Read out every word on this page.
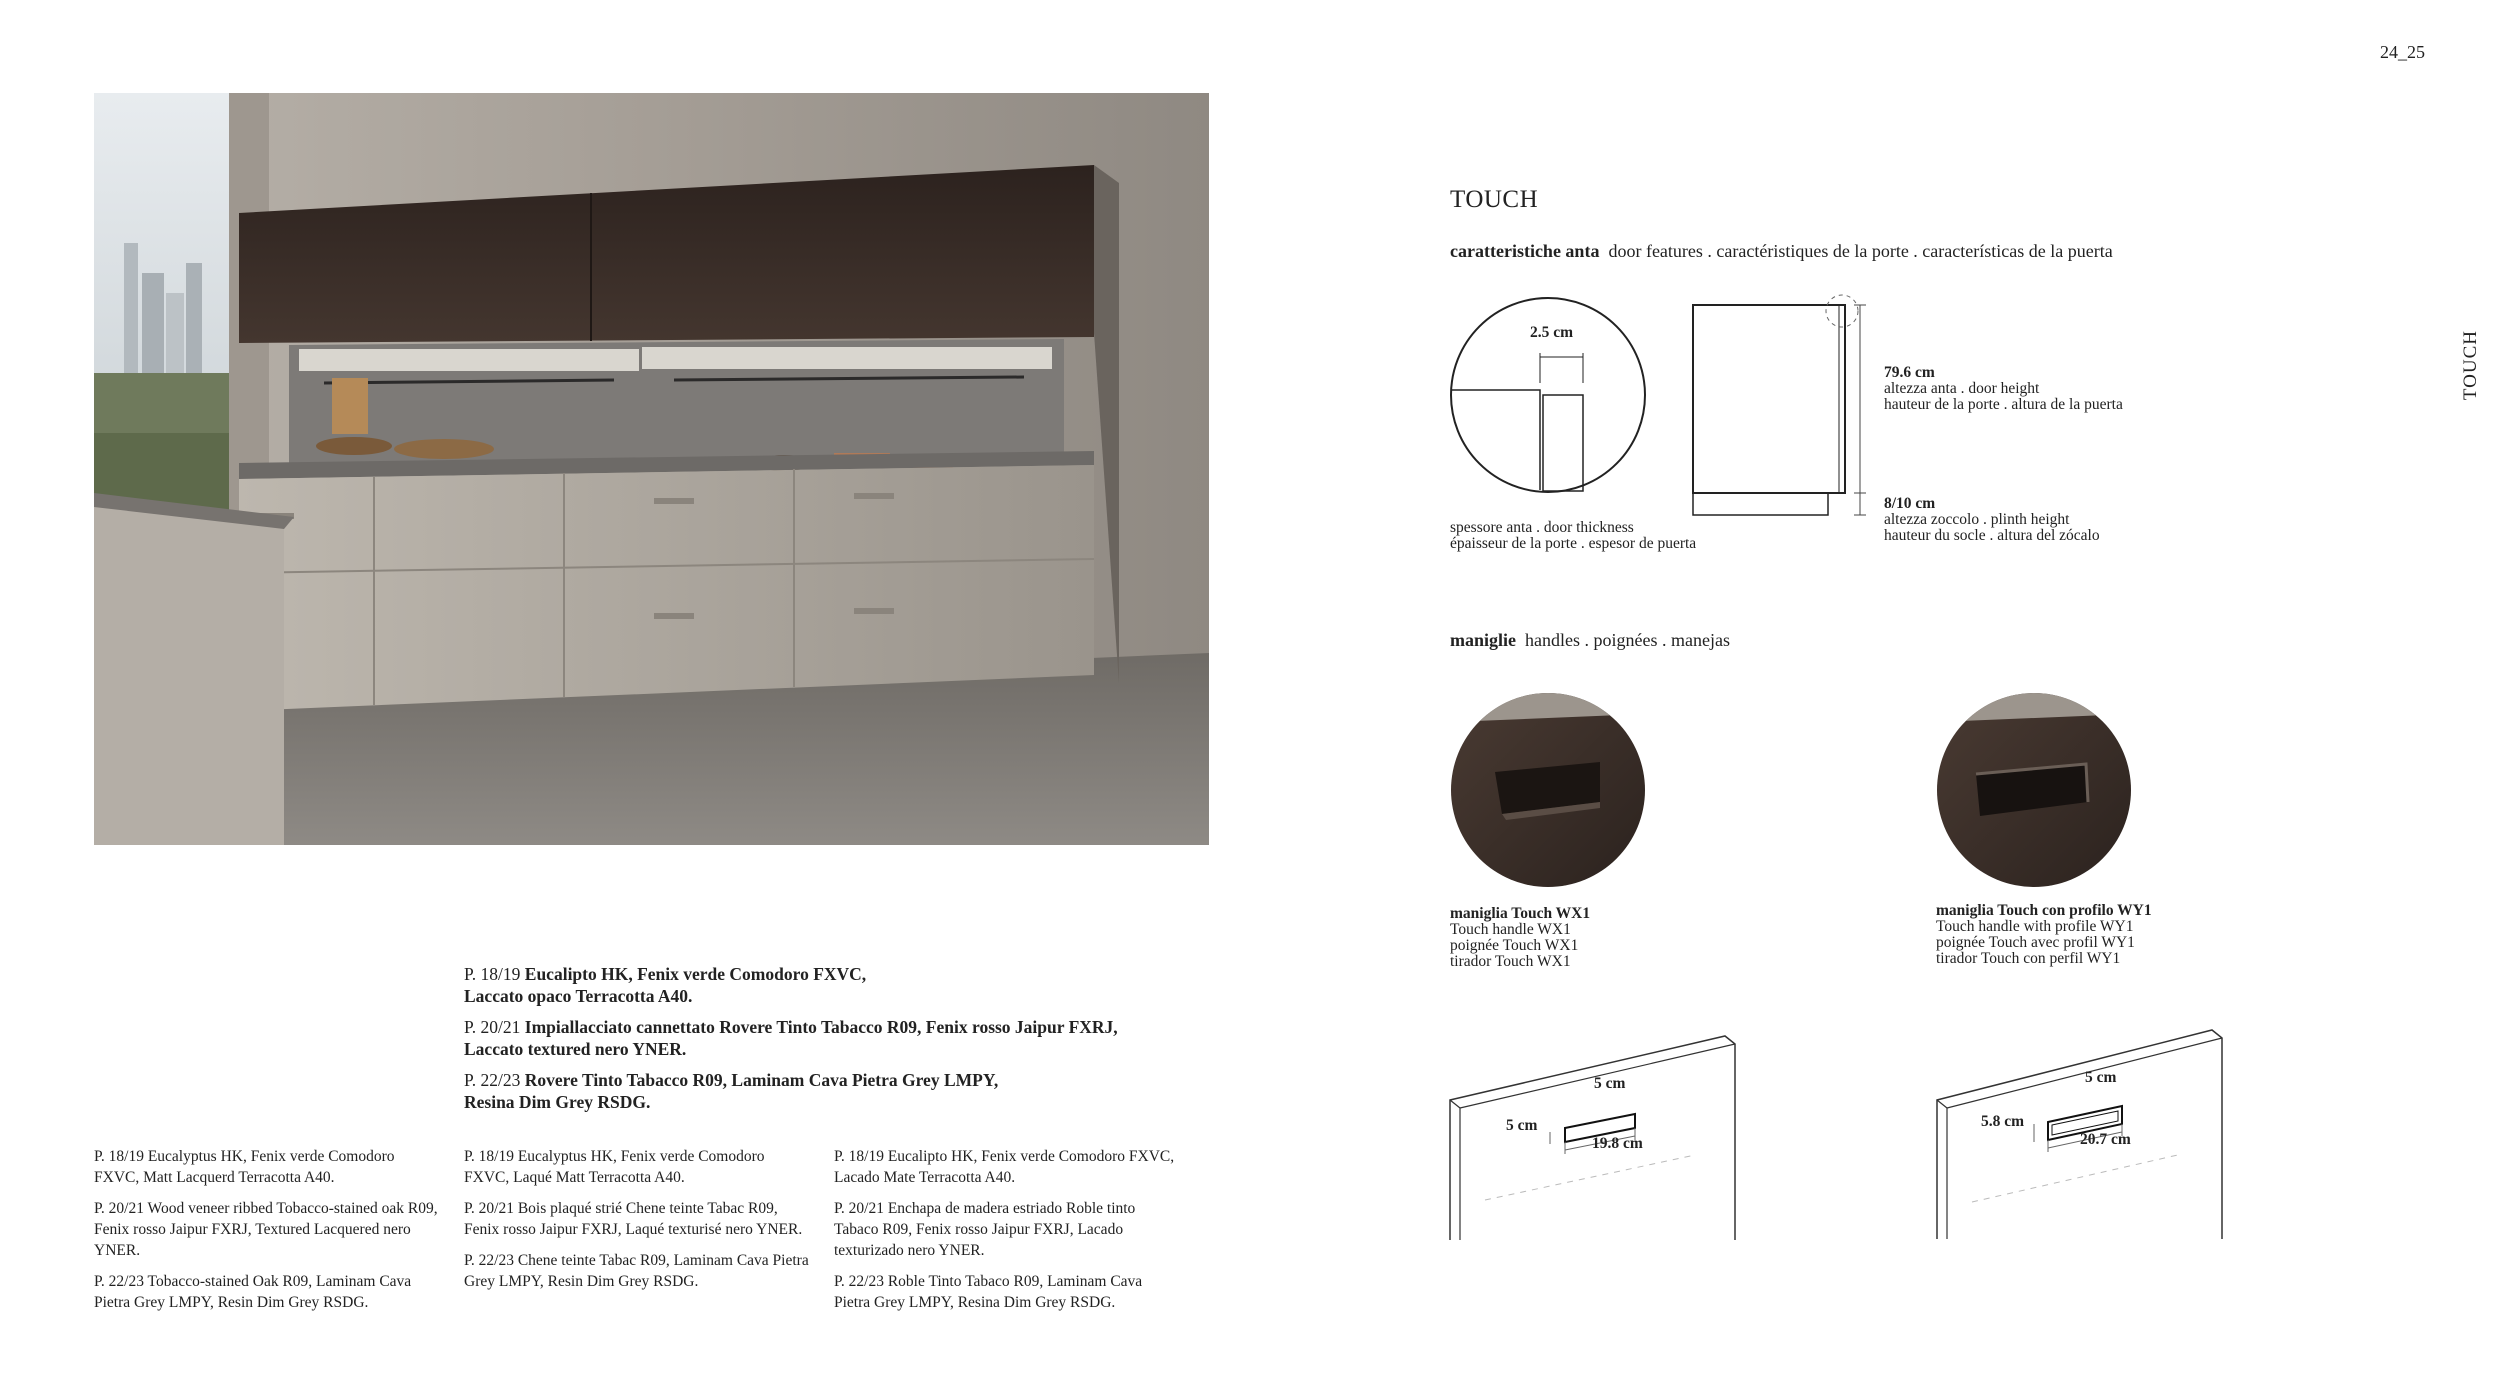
24_25
TOUCH
TOUCH
caratteristiche anta door features . caractéristiques de la porte . características de la puerta
2.5 cm
spessore anta . door thickness
épaisseur de la porte . espesor de puerta
79.6 cm
altezza anta . door height
hauteur de la porte . altura de la puerta
8/10 cm
altezza zoccolo . plinth height
hauteur du socle . altura del zócalo
maniglie handles . poignées . manejas
maniglia Touch WX1
Touch handle WX1
poignée Touch WX1
tirador Touch WX1
maniglia Touch con profilo WY1
Touch handle with profile WY1
poignée Touch avec profil WY1
tirador Touch con perfil WY1
5 cm
5 cm
19.8 cm
5 cm
5.8 cm
20.7 cm

P. 18/19 Eucalipto HK, Fenix verde Comodoro FXVC,
Laccato opaco Terracotta A40.

P. 20/21 Impiallacciato cannettato Rovere Tinto Tabacco R09, Fenix rosso Jaipur FXRJ,
Laccato textured nero YNER.

P. 22/23 Rovere Tinto Tabacco R09, Laminam Cava Pietra Grey LMPY,
Resina Dim Grey RSDG.

P. 18/19 Eucalyptus HK, Fenix verde Comodoro FXVC, Matt Lacquerd Terracotta A40.

P. 20/21 Wood veneer ribbed Tobacco-stained oak R09, Fenix rosso Jaipur FXRJ, Textured Lacquered nero YNER.

P. 22/23 Tobacco-stained Oak R09, Laminam Cava Pietra Grey LMPY, Resin Dim Grey RSDG.

P. 18/19 Eucalyptus HK, Fenix verde Comodoro FXVC, Laqué Matt Terracotta A40.

P. 20/21 Bois plaqué strié Chene teinte Tabac R09, Fenix rosso Jaipur FXRJ, Laqué texturisé nero YNER.

P. 22/23 Chene teinte Tabac R09, Laminam Cava Pietra Grey LMPY, Resin Dim Grey RSDG.

P. 18/19 Eucalipto HK, Fenix verde Comodoro FXVC, Lacado Mate Terracotta A40.

P. 20/21 Enchapa de madera estriado Roble tinto Tabaco R09, Fenix rosso Jaipur FXRJ, Lacado texturizado nero YNER.

P. 22/23 Roble Tinto Tabaco R09, Laminam Cava Pietra Grey LMPY, Resina Dim Grey RSDG.
